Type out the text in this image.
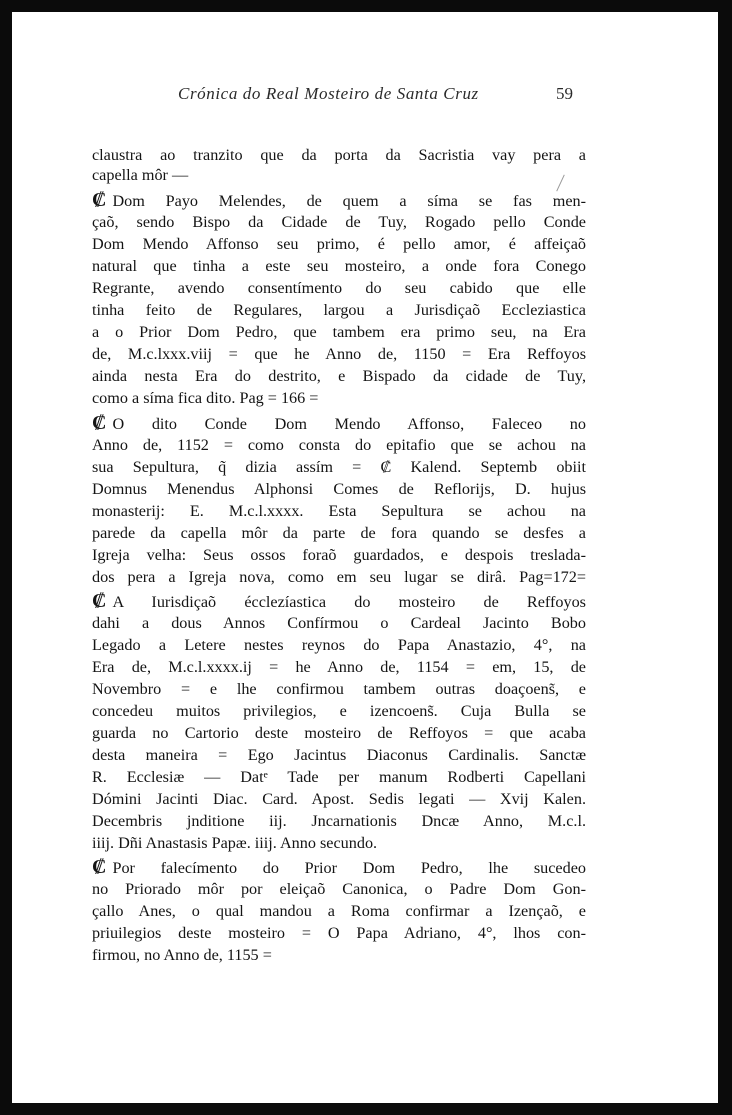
Crónica do Real Mosteiro de Santa Cruz	59
claustra ao tranzito que da porta da Sacristia vay pera a
capella môr —
₡ Dom Payo Melendes, de quem a síma se fas men-
çaõ, sendo Bispo da Cidade de Tuy, Rogado pello Conde
Dom Mendo Affonso seu primo, é pello amor, é affeiçaõ
natural que tinha a este seu mosteiro, a onde fora Conego
Regrante, avendo consentímento do seu cabido que elle
tinha feito de Regulares, largou a Jurisdiçaõ Eccleziastica
a o Prior Dom Pedro, que tambem era primo seu, na Era
de, M.c.lxxx.viij = que he Anno de, 1150 = Era Reffoyos
ainda nesta Era do destrito, e Bispado da cidade de Tuy,
como a síma fica dito. Pag = 166 =
₡ O dito Conde Dom Mendo Affonso, Faleceo no
Anno de, 1152 = como consta do epitafio que se achou na
sua Sepultura, q̃ dizia assím = ₡ Kalend. Septemb obiit
Domnus Menendus Alphonsi Comes de Reflorijs, D. hujus
monasterij: E. M.c.l.xxxx. Esta Sepultura se achou na
parede da capella môr da parte de fora quando se desfes a
Igreja velha: Seus ossos foraõ guardados, e despois treslada-
dos pera a Igreja nova, como em seu lugar se dirâ. Pag=172=
₡ A Iurisdiçaõ écclezíastica do mosteiro de Reffoyos
dahi a dous Annos Confírmou o Cardeal Jacinto Bobo
Legado a Letere nestes reynos do Papa Anastazio, 4°, na
Era de, M.c.l.xxxx.ij = he Anno de, 1154 = em, 15, de
Novembro = e lhe confirmou tambem outras doaçoens̃, e
concedeu muitos privilegios, e izencoens̃. Cuja Bulla se
guarda no Cartorio deste mosteiro de Reffoyos = que acaba
desta maneira = Ego Jacintus Diaconus Cardinalis. Sanctæ
R. Ecclesiæ — Datᵉ Tade per manum Rodberti Capellani
Dómini Jacinti Diac. Card. Apost. Sedis legati — Xvij Kalen.
Decembris jnditione iij. Jncarnationis Dncæ Anno, M.c.l.
iiij. Dñi Anastasis Papæ. iiij. Anno secundo.
₡ Por falecímento do Prior Dom Pedro, lhe sucedeo
no Priorado môr por eleiçaõ Canonica, o Padre Dom Gon-
çallo Anes, o qual mandou a Roma confirmar a Izençaõ, e
priuilegios deste mosteiro = O Papa Adriano, 4°, lhos con-
firmou, no Anno de, 1155 =
